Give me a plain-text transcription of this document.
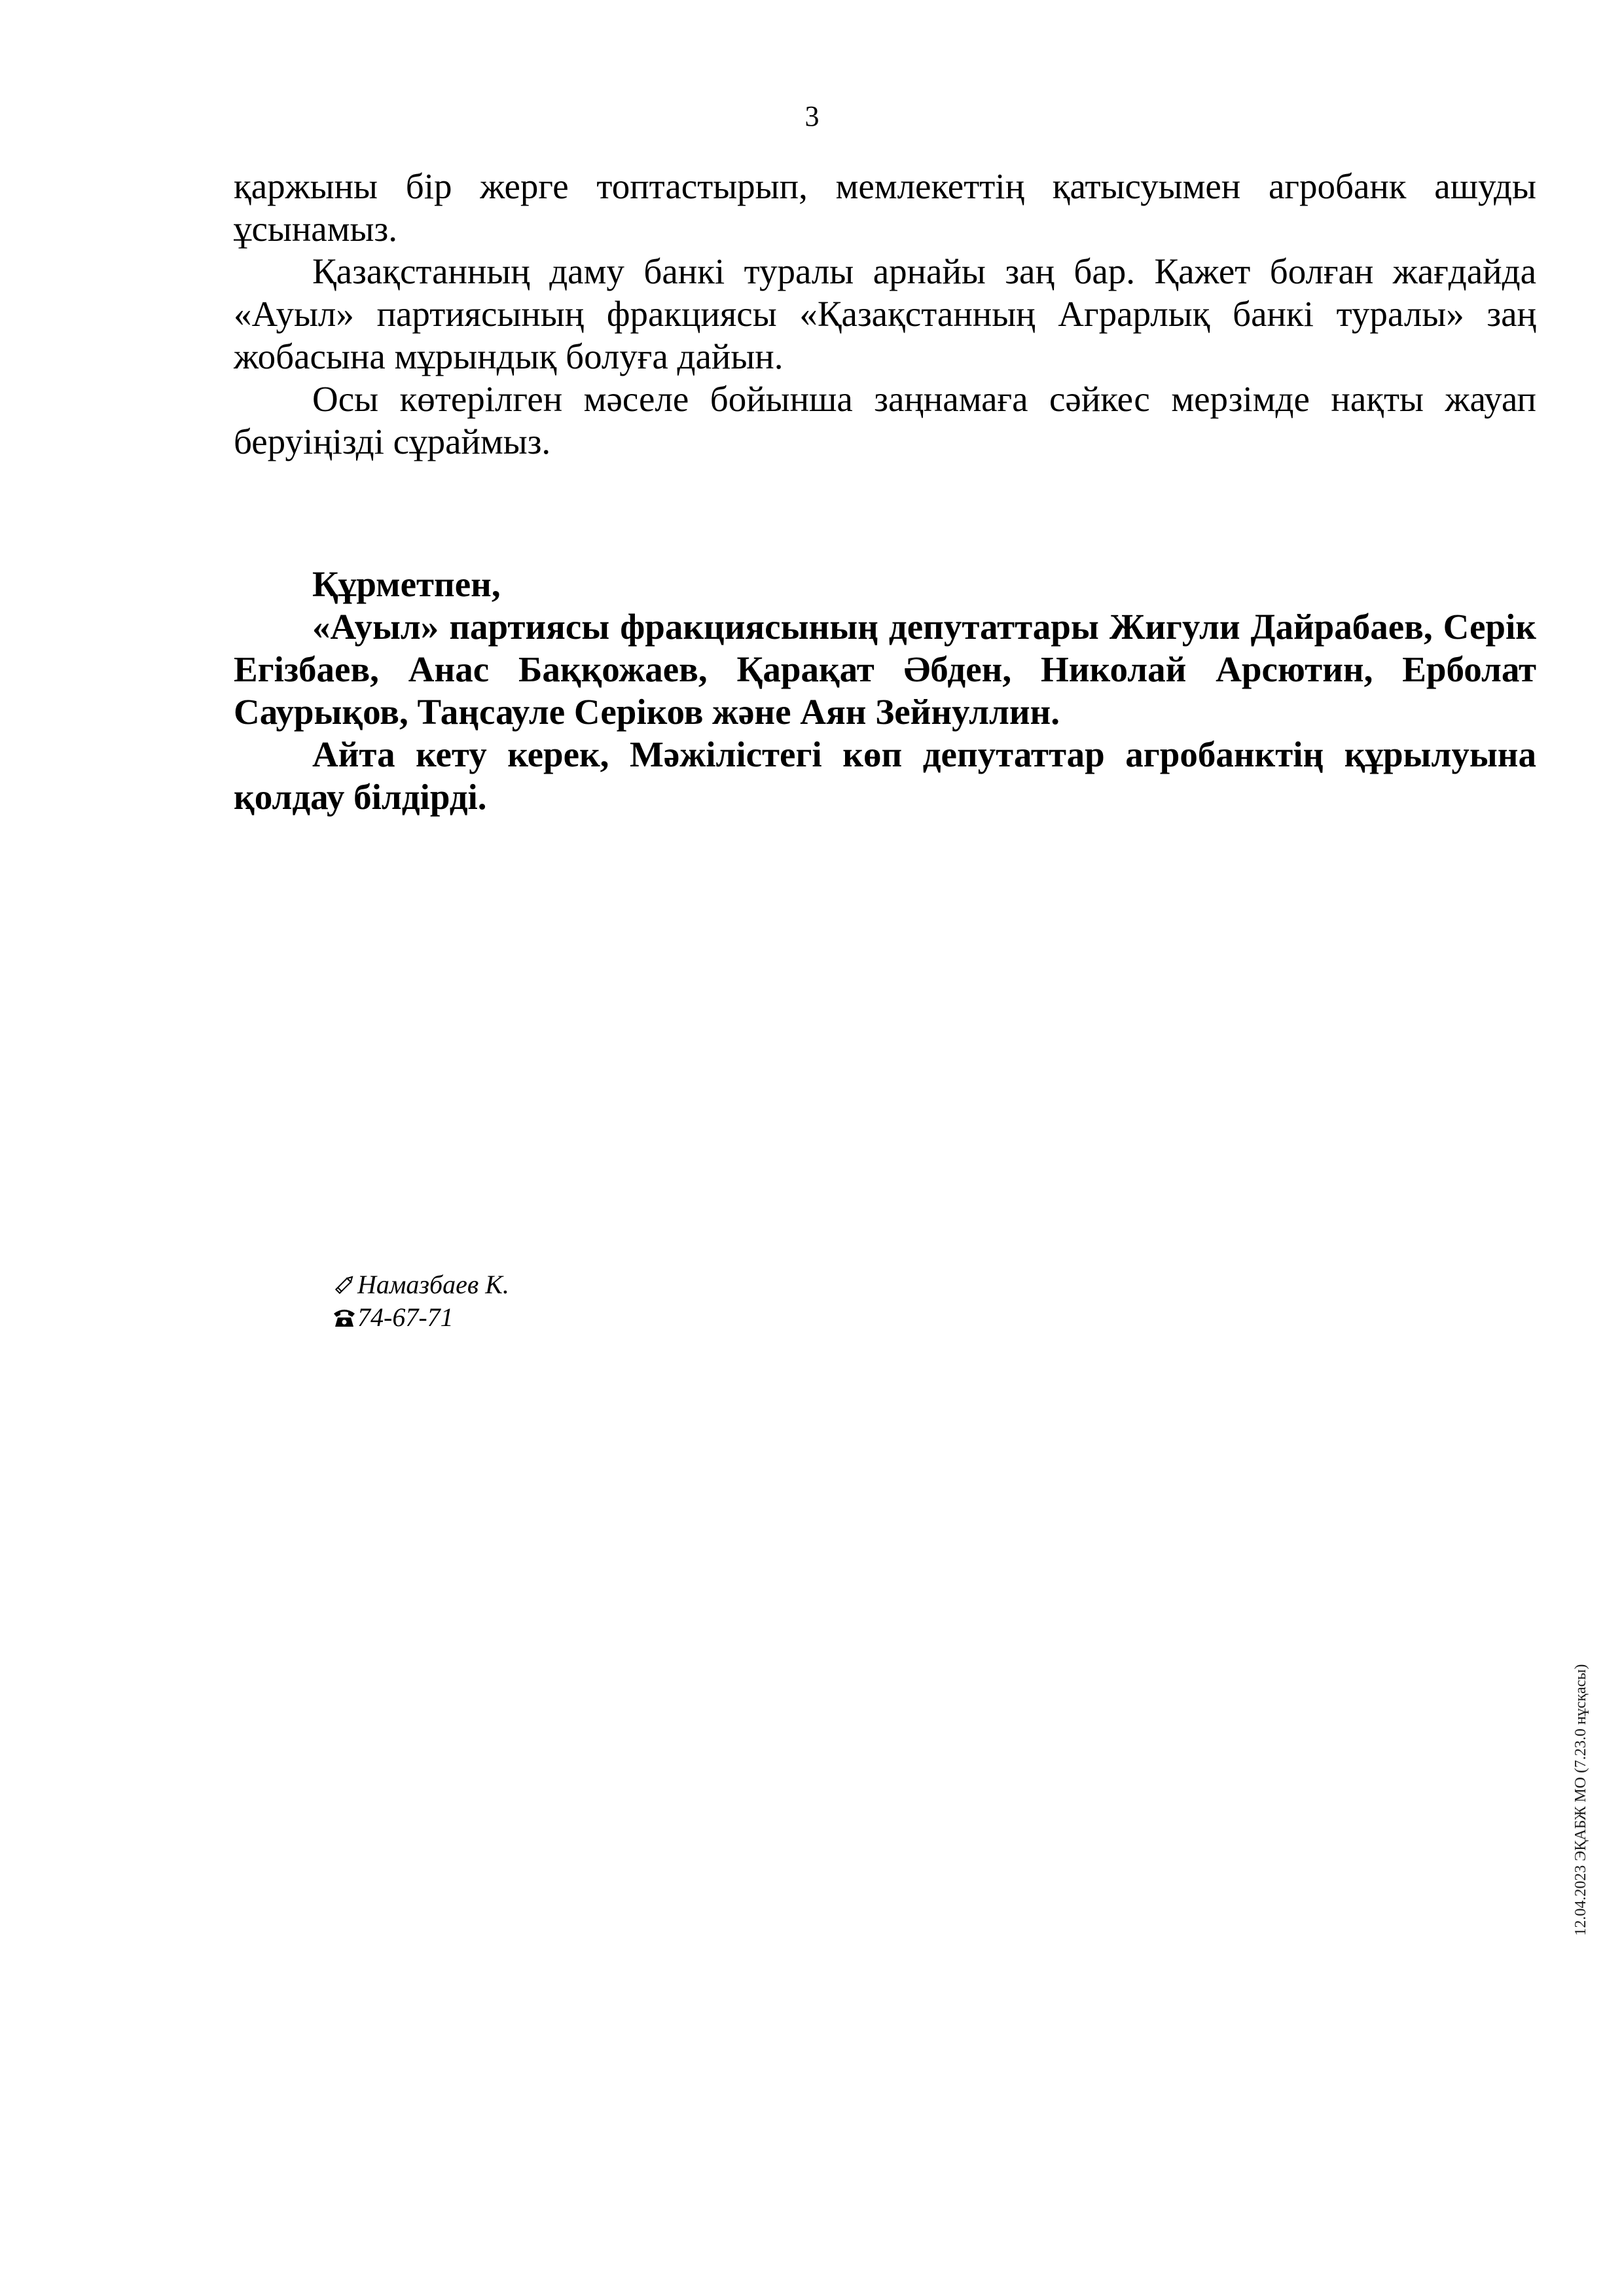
3

қаржыны бір жерге топтастырып, мемлекеттің қатысуымен агробанк ашуды ұсынамыз.

Қазақстанның даму банкі туралы арнайы заң бар. Қажет болған жағдайда «Ауыл» партиясының фракциясы «Қазақстанның Аграрлық банкі туралы» заң жобасына мұрындық болуға дайын.

Осы көтерілген мәселе бойынша заңнамаға сәйкес мерзімде нақты жауап беруіңізді сұраймыз.

Құрметпен,

«Ауыл» партиясы фракциясының депутаттары Жигули Дайрабаев, Серік Егізбаев, Анас Баққожаев, Қарақат Әбден, Николай Арсютин, Ерболат Саурықов, Таңсауле Серіков және Аян Зейнуллин.

Айта кету керек, Мәжілістегі көп депутаттар агробанктің құрылуына қолдау білдірді.

Намазбаев К.
74-67-71
12.04.2023 ЭҚАБЖ МО (7.23.0 нұсқасы)
